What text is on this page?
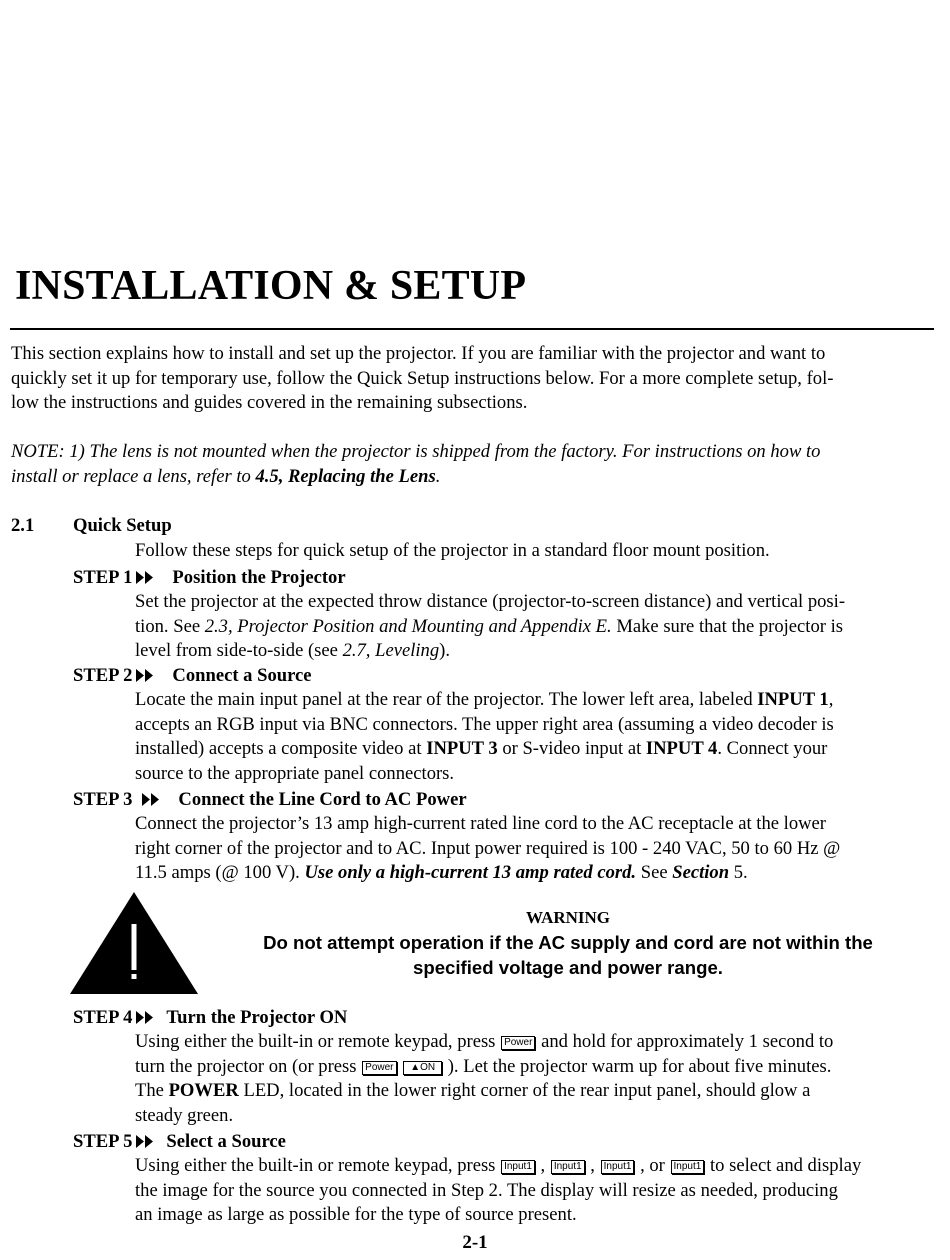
INSTALLATION & SETUP

This section explains how to install and set up the projector. If you are familiar with the projector and want to
quickly set it up for temporary use, follow the Quick Setup instructions below. For a more complete setup, fol-
low the instructions and guides covered in the remaining subsections.

NOTE: 1) The lens is not mounted when the projector is shipped from the factory. For instructions on how to
install or replace a lens, refer to 4.5, Replacing the Lens.

2.1 Quick Setup
Follow these steps for quick setup of the projector in a standard floor mount position.
STEP 1 Position the Projector
Set the projector at the expected throw distance (projector-to-screen distance) and vertical posi-
tion. See 2.3, Projector Position and Mounting and Appendix E. Make sure that the projector is
level from side-to-side (see 2.7, Leveling).
STEP 2 Connect a Source
Locate the main input panel at the rear of the projector. The lower left area, labeled INPUT 1,
accepts an RGB input via BNC connectors. The upper right area (assuming a video decoder is
installed) accepts a composite video at INPUT 3 or S-video input at INPUT 4. Connect your
source to the appropriate panel connectors.
STEP 3 Connect the Line Cord to AC Power
Connect the projector’s 13 amp high-current rated line cord to the AC receptacle at the lower
right corner of the projector and to AC. Input power required is 100 - 240 VAC, 50 to 60 Hz @
11.5 amps (@ 100 V). Use only a high-current 13 amp rated cord. See Section 5.
WARNING
Do not attempt operation if the AC supply and cord are not within the
specified voltage and power range.
STEP 4 Turn the Projector ON
Using either the built-in or remote keypad, press Power and hold for approximately 1 second to
turn the projector on (or press Power ▲ON ). Let the projector warm up for about five minutes.
The POWER LED, located in the lower right corner of the rear input panel, should glow a
steady green.
STEP 5 Select a Source
Using either the built-in or remote keypad, press Input1 , Input1 , Input1 , or Input1 to select and display
the image for the source you connected in Step 2. The display will resize as needed, producing
an image as large as possible for the type of source present.
2-1
